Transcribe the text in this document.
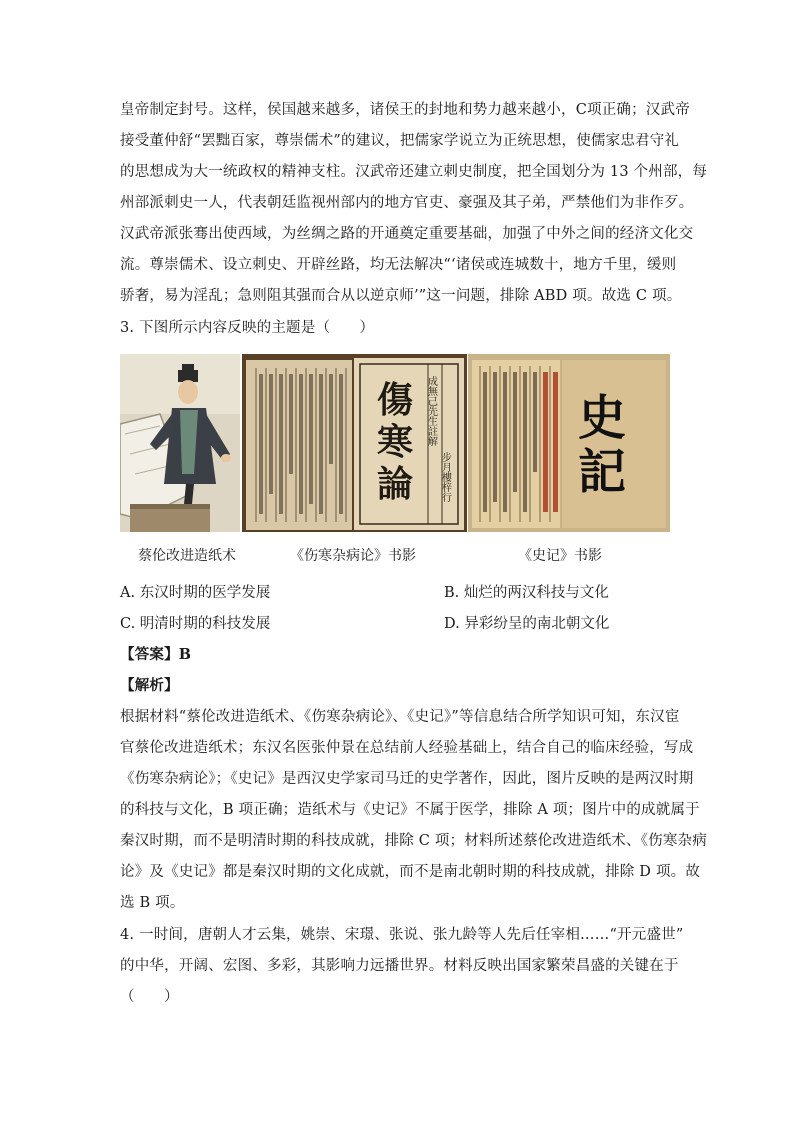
皇帝制定封号。这样，侯国越来越多，诸侯王的封地和势力越来越小，C项正确；汉武帝
接受董仲舒“罢黜百家，尊崇儒术”的建议，把儒家学说立为正统思想，使儒家忠君守礼
的思想成为大一统政权的精神支柱。汉武帝还建立刺史制度，把全国划分为 13 个州部，每
州部派刺史一人，代表朝廷监视州部内的地方官吏、豪强及其子弟，严禁他们为非作歹。
汉武帝派张骞出使西域，为丝绸之路的开通奠定重要基础，加强了中外之间的经济文化交
流。尊崇儒术、设立刺史、开辟丝路，均无法解决“‘诸侯或连城数十，地方千里，缓则
骄奢，易为淫乱；急则阻其强而合从以逆京师’”这一问题，排除 ABD 项。故选 C 项。
3. 下图所示内容反映的主题是（　　）
傷
寒
論
成無己先生註解
步月樓梓行
史
記
蔡伦改进造纸术	《伤寒杂病论》书影	《史记》书影
A. 东汉时期的医学发展	B. 灿烂的两汉科技与文化
C. 明清时期的科技发展	D. 异彩纷呈的南北朝文化
【答案】B
【解析】
根据材料“蔡伦改进造纸术、《伤寒杂病论》、《史记》”等信息结合所学知识可知，东汉宦
官蔡伦改进造纸术；东汉名医张仲景在总结前人经验基础上，结合自己的临床经验，写成
《伤寒杂病论》；《史记》是西汉史学家司马迁的史学著作，因此，图片反映的是两汉时期
的科技与文化，B 项正确；造纸术与《史记》不属于医学，排除 A 项；图片中的成就属于
秦汉时期，而不是明清时期的科技成就，排除 C 项；材料所述蔡伦改进造纸术、《伤寒杂病
论》及《史记》都是秦汉时期的文化成就，而不是南北朝时期的科技成就，排除 D 项。故
选 B 项。
4. 一时间，唐朝人才云集，姚崇、宋璟、张说、张九龄等人先后任宰相……“开元盛世”
的中华，开阔、宏图、多彩，其影响力远播世界。材料反映出国家繁荣昌盛的关键在于
（　　）
